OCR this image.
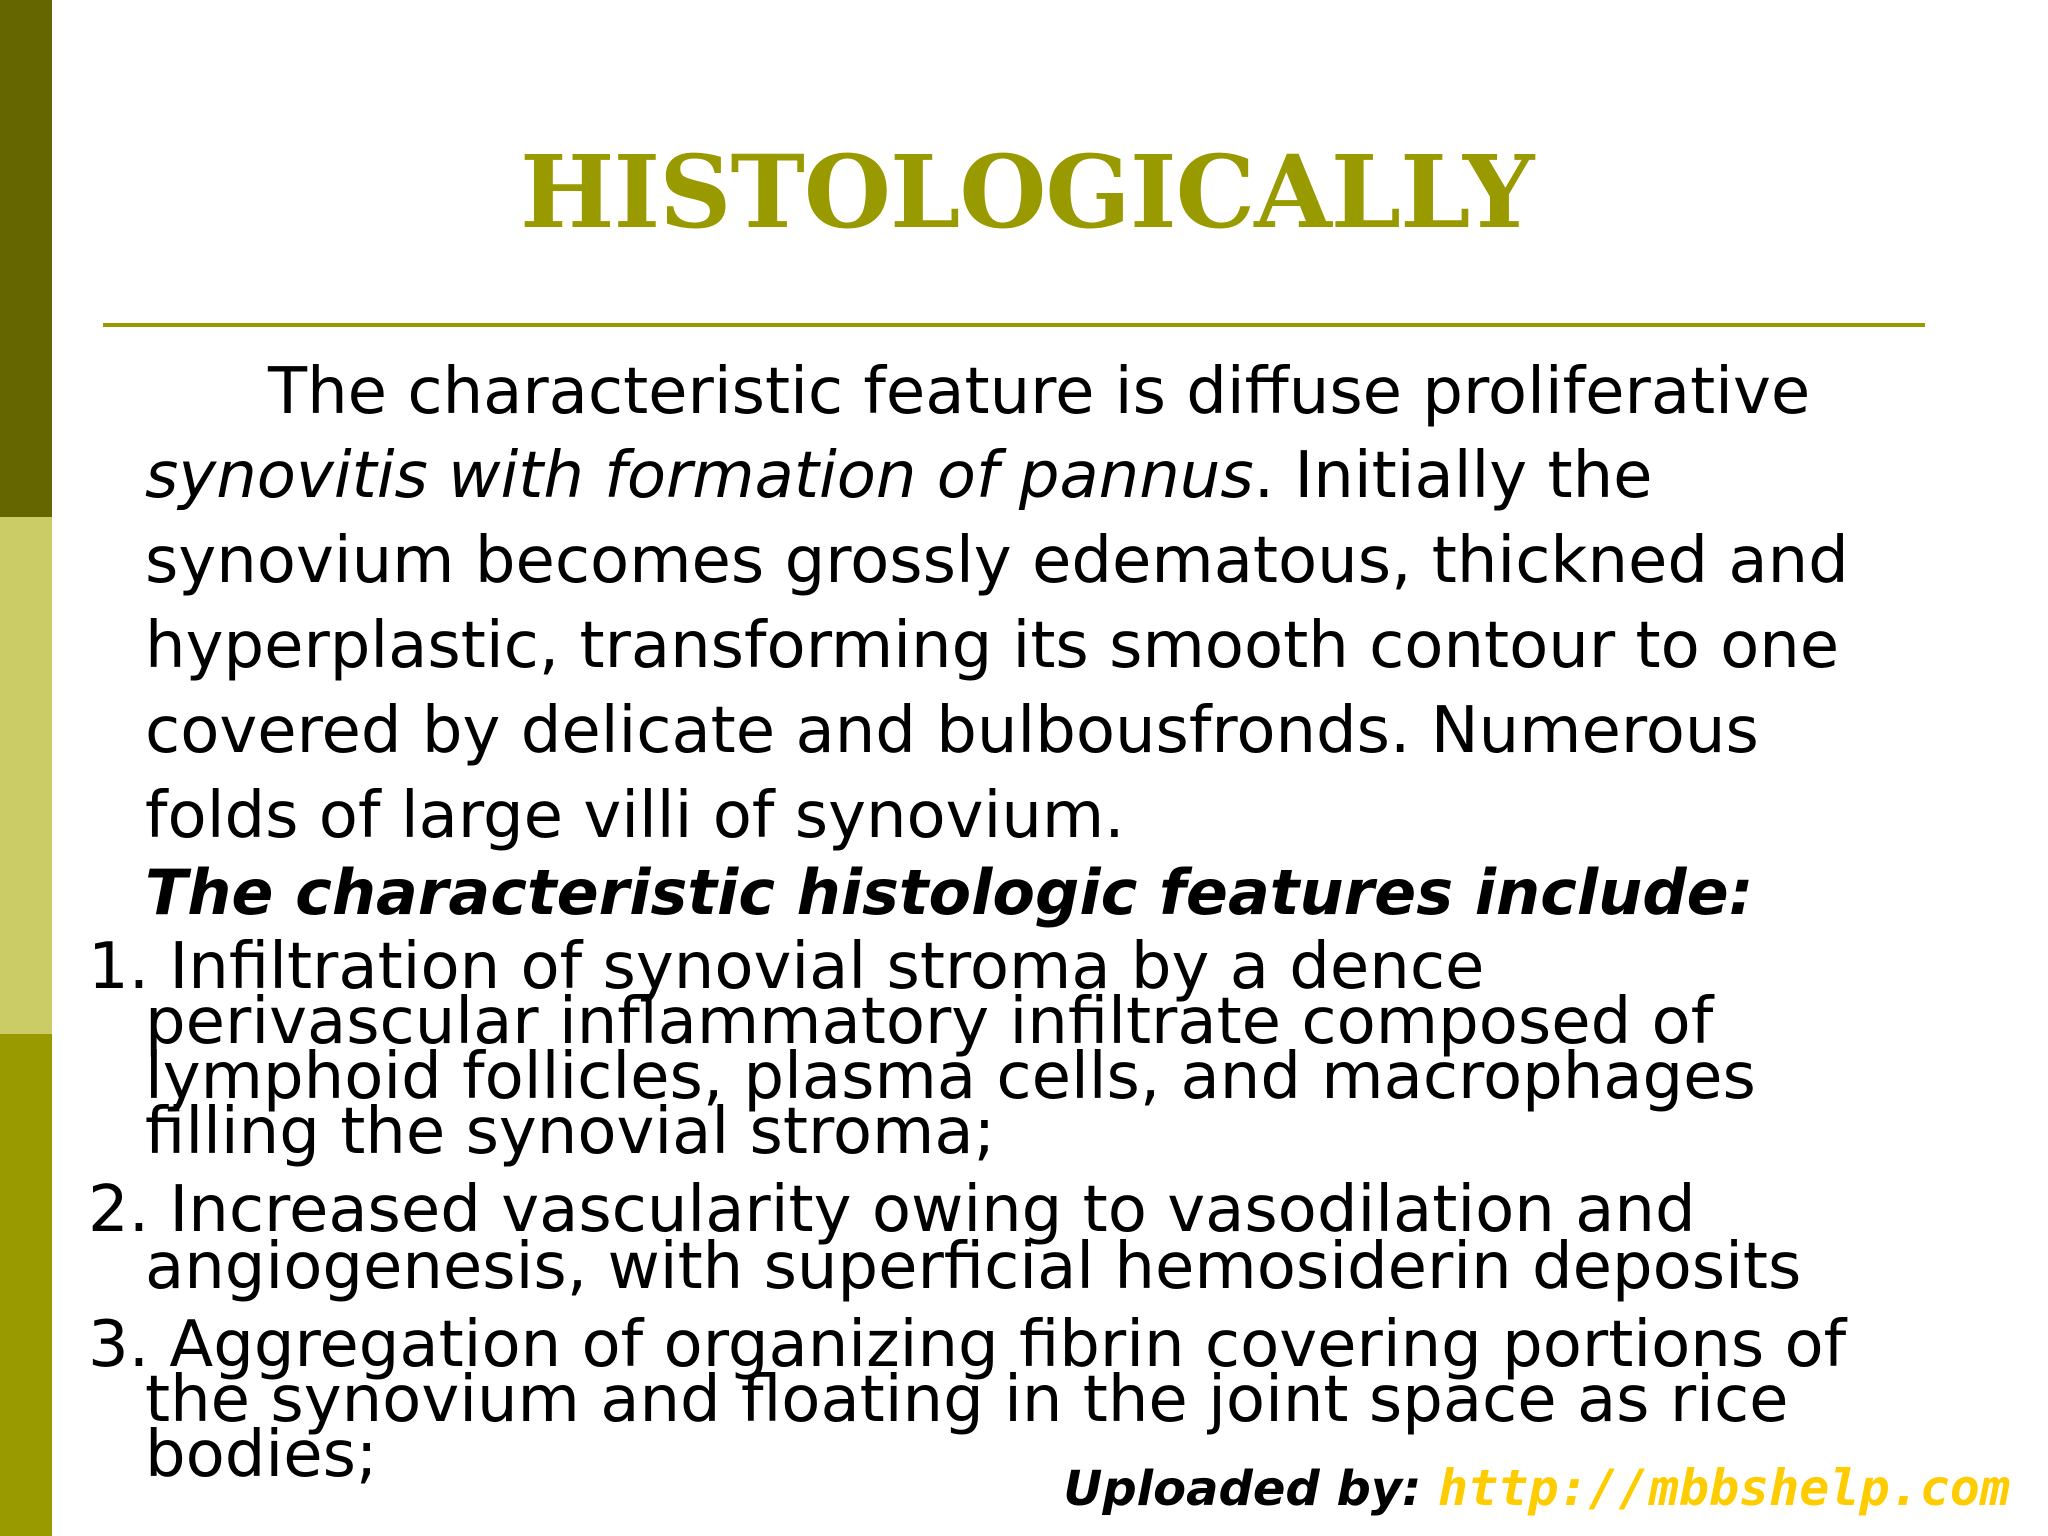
HISTOLOGICALLY
The characteristic feature is diffuse proliferative
synovitis with formation of pannus. Initially the
synovium becomes grossly edematous, thickned and
hyperplastic, transforming its smooth contour to one
covered by delicate and bulbousfronds. Numerous
folds of large villi of synovium.
The characteristic histologic features include:
1. Infiltration of synovial stroma by a dence
perivascular inflammatory infiltrate composed of
lymphoid follicles, plasma cells, and macrophages
filling the synovial stroma;
2. Increased vascularity owing to vasodilation and
angiogenesis, with superficial hemosiderin deposits
3. Aggregation of organizing fibrin covering portions of
the synovium and floating in the joint space as rice
bodies;	Uploaded by: http://mbbshelp.com
